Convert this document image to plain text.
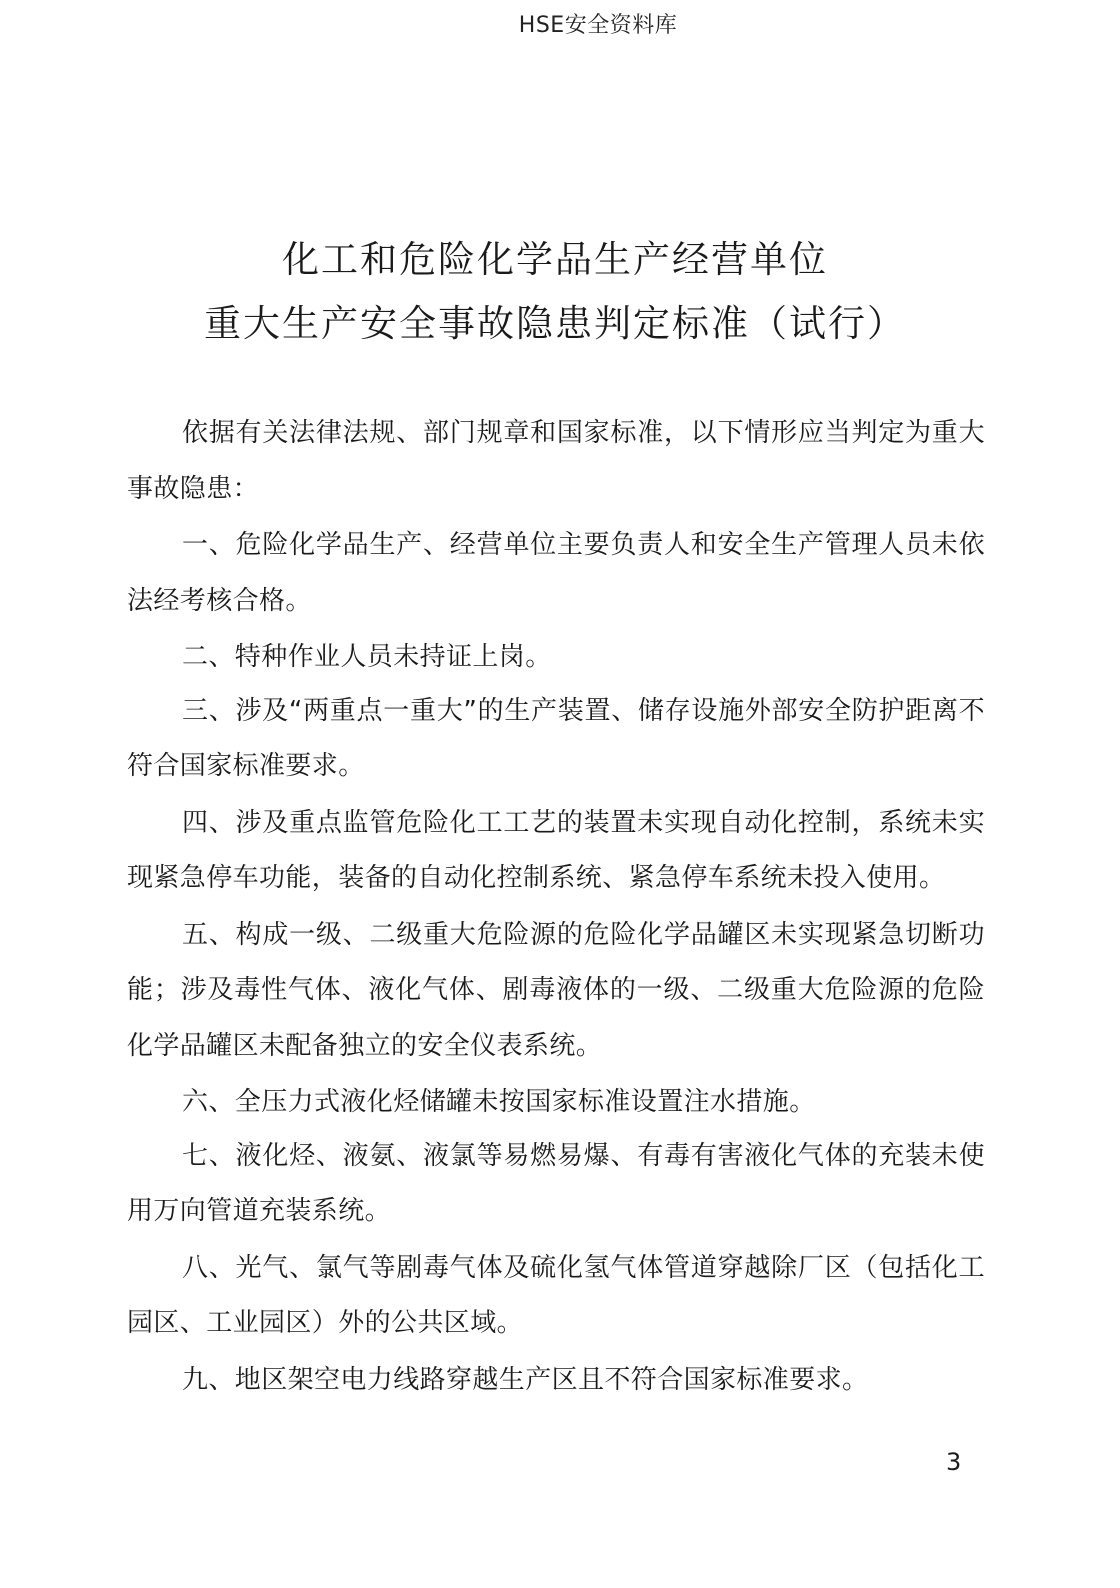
HSE安全资料库
化工和危险化学品生产经营单位
重大生产安全事故隐患判定标准（试行）

依据有关法律法规、部门规章和国家标准，以下情形应当判定为重大事故隐患：

一、危险化学品生产、经营单位主要负责人和安全生产管理人员未依法经考核合格。

二、特种作业人员未持证上岗。

三、涉及“两重点一重大”的生产装置、储存设施外部安全防护距离不符合国家标准要求。

四、涉及重点监管危险化工工艺的装置未实现自动化控制，系统未实现紧急停车功能，装备的自动化控制系统、紧急停车系统未投入使用。

五、构成一级、二级重大危险源的危险化学品罐区未实现紧急切断功能；涉及毒性气体、液化气体、剧毒液体的一级、二级重大危险源的危险化学品罐区未配备独立的安全仪表系统。

六、全压力式液化烃储罐未按国家标准设置注水措施。

七、液化烃、液氨、液氯等易燃易爆、有毒有害液化气体的充装未使用万向管道充装系统。

八、光气、氯气等剧毒气体及硫化氢气体管道穿越除厂区（包括化工园区、工业园区）外的公共区域。

九、地区架空电力线路穿越生产区且不符合国家标准要求。

3
